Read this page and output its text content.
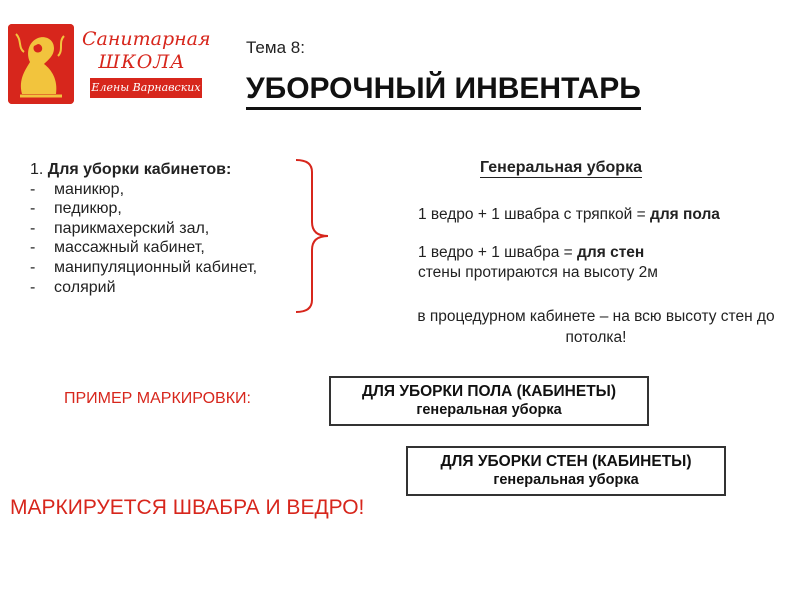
Санитарная
ШКОЛА
Елены Варнавских
Тема 8:
УБОРОЧНЫЙ ИНВЕНТАРЬ
1.
Для уборки кабинетов:
-	маникюр,
-	педикюр,
-	парикмахерский зал,
-	массажный кабинет,
-	манипуляционный кабинет,
-	солярий
Генеральная уборка
1 ведро + 1 швабра с тряпкой = для пола
1 ведро + 1 швабра = для стен
стены протираются на высоту 2м
в процедурном кабинете – на всю высоту стен до потолка!
ПРИМЕР МАРКИРОВКИ:	ДЛЯ УБОРКИ ПОЛА (КАБИНЕТЫ)
генеральная уборка
ДЛЯ УБОРКИ СТЕН (КАБИНЕТЫ)
генеральная уборка
МАРКИРУЕТСЯ ШВАБРА И ВЕДРО!
